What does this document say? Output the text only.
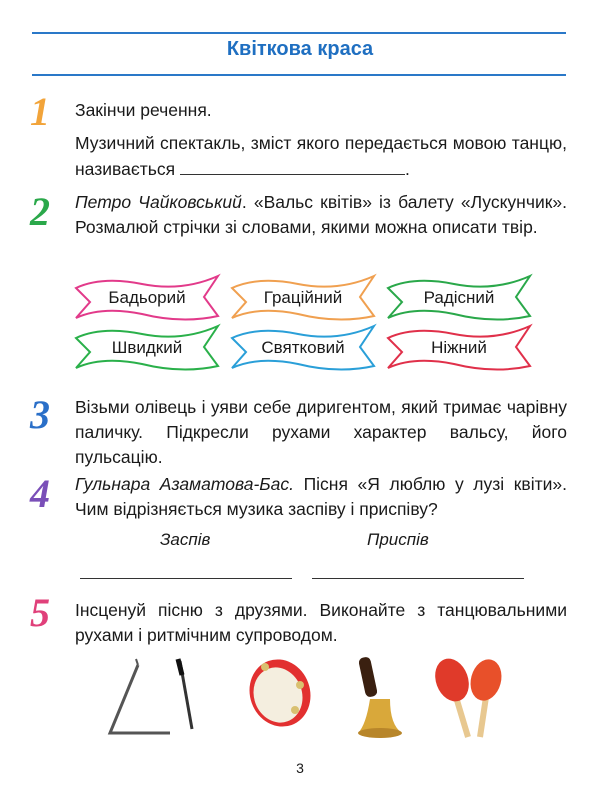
Квіткова краса
1 Закінчи речення.

Музичний спектакль, зміст якого передається мовою танцю, називається	.

2 Петро Чайковський. «Вальс квітів» із балету «Лускунчик». Розмалюй стрічки зі словами, якими можна описати твір.

Бадьорий	Граційний	Радісний
Швидкий	Святковий	Ніжний
3 Візьми олівець і уяви себе диригентом, який тримає чарівну паличку. Підкресли рухами характер вальсу, його пульсацію.
4 Гульнара Азаматова-Бас. Пісня «Я люблю у лузі квіти». Чим відрізняється музика заспіву і приспіву?

Заспів	Приспів
5 Інсценуй пісню з друзями. Виконайте з танцювальними рухами і ритмічним супроводом.
3
